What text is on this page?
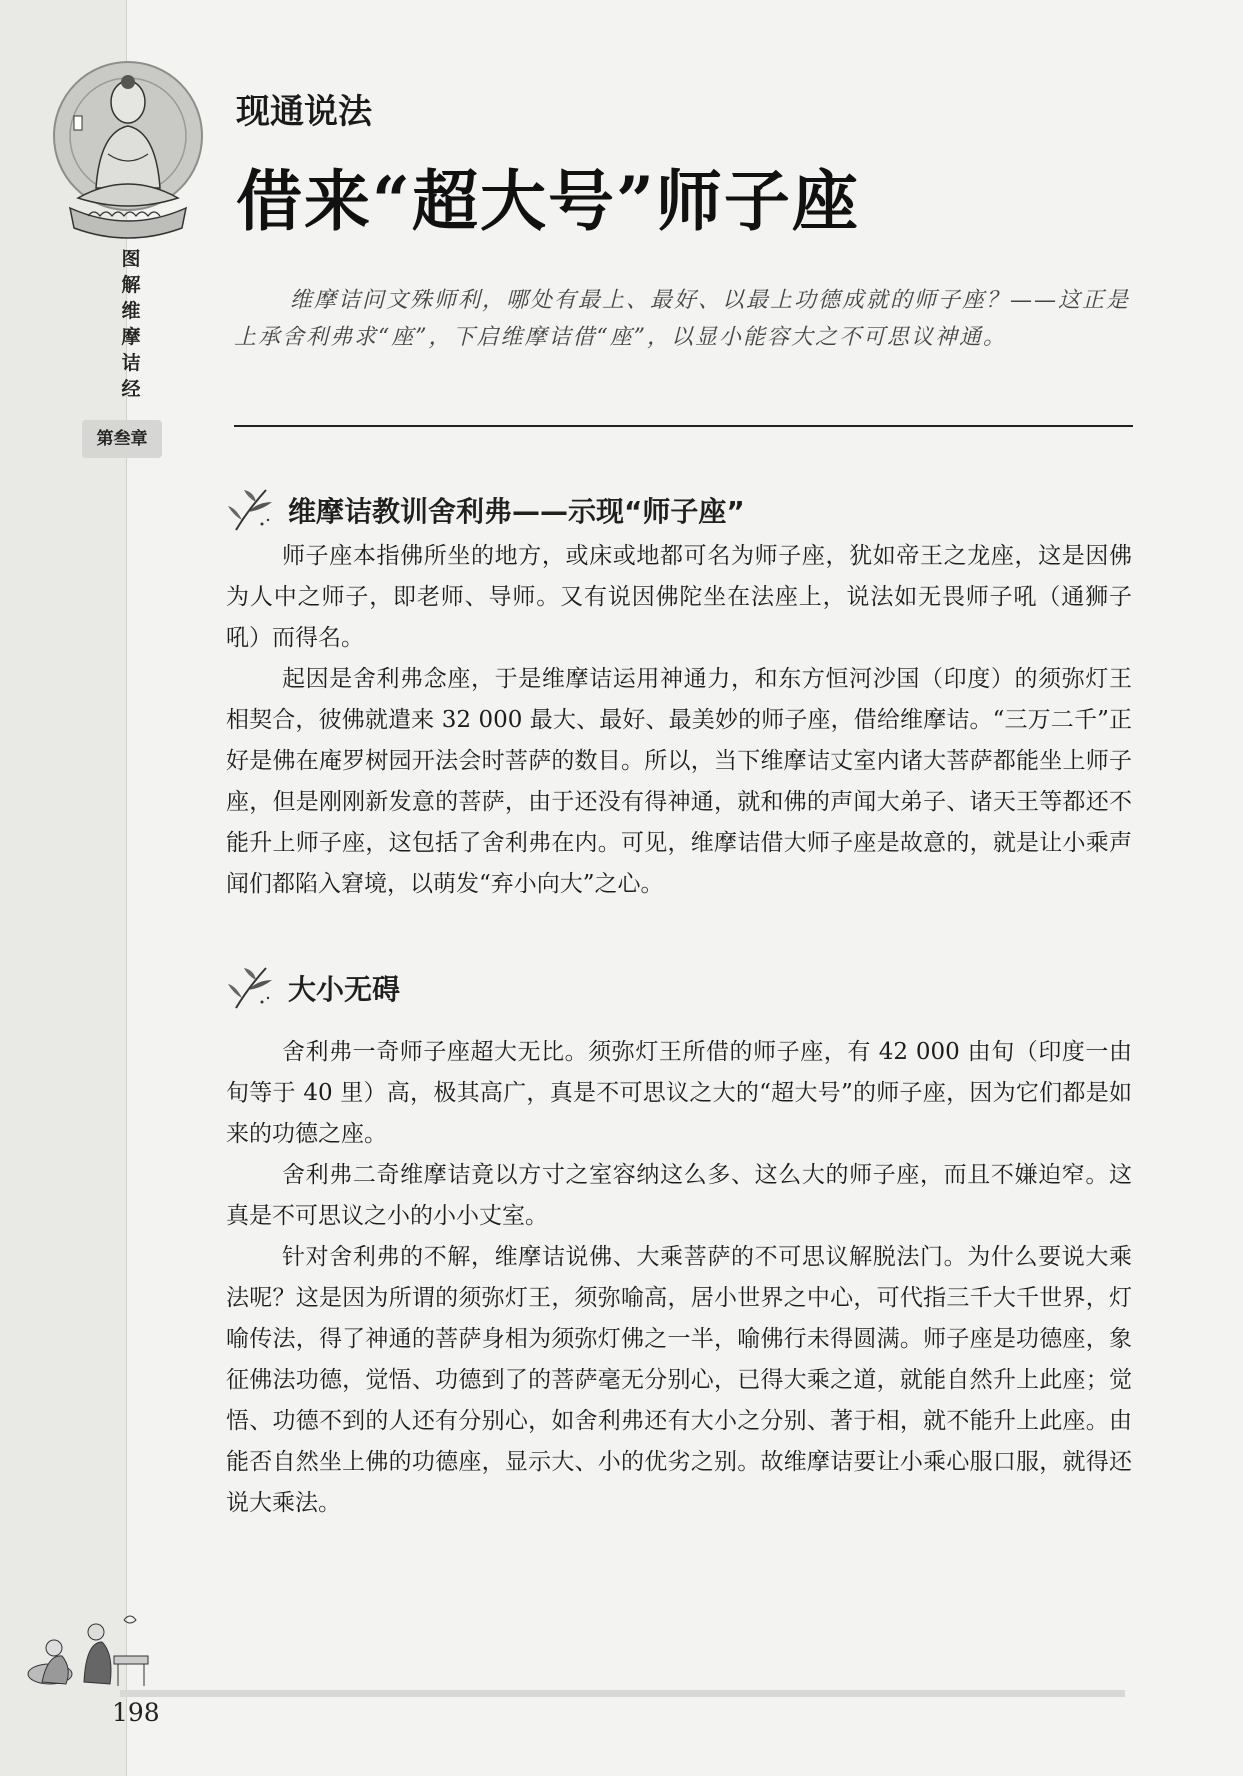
图解维摩诘经
第叁章
现通说法
借来“超大号”师子座
维摩诘问文殊师利，哪处有最上、最好、以最上功德成就的师子座？——这正是上承舍利弗求“座”，下启维摩诘借“座”，以显小能容大之不可思议神通。
维摩诘教训舍利弗——示现“师子座”

师子座本指佛所坐的地方，或床或地都可名为师子座，犹如帝王之龙座，这是因佛为人中之师子，即老师、导师。又有说因佛陀坐在法座上，说法如无畏师子吼（通狮子吼）而得名。

起因是舍利弗念座，于是维摩诘运用神通力，和东方恒河沙国（印度）的须弥灯王相契合，彼佛就遣来 32 000 最大、最好、最美妙的师子座，借给维摩诘。“三万二千”正好是佛在庵罗树园开法会时菩萨的数目。所以，当下维摩诘丈室内诸大菩萨都能坐上师子座，但是刚刚新发意的菩萨，由于还没有得神通，就和佛的声闻大弟子、诸天王等都还不能升上师子座，这包括了舍利弗在内。可见，维摩诘借大师子座是故意的，就是让小乘声闻们都陷入窘境，以萌发“弃小向大”之心。

大小无碍

舍利弗一奇师子座超大无比。须弥灯王所借的师子座，有 42 000 由旬（印度一由旬等于 40 里）高，极其高广，真是不可思议之大的“超大号”的师子座，因为它们都是如来的功德之座。

舍利弗二奇维摩诘竟以方寸之室容纳这么多、这么大的师子座，而且不嫌迫窄。这真是不可思议之小的小小丈室。

针对舍利弗的不解，维摩诘说佛、大乘菩萨的不可思议解脱法门。为什么要说大乘法呢？这是因为所谓的须弥灯王，须弥喻高，居小世界之中心，可代指三千大千世界，灯喻传法，得了神通的菩萨身相为须弥灯佛之一半，喻佛行未得圆满。师子座是功德座，象征佛法功德，觉悟、功德到了的菩萨毫无分别心，已得大乘之道，就能自然升上此座；觉悟、功德不到的人还有分别心，如舍利弗还有大小之分别、著于相，就不能升上此座。由能否自然坐上佛的功德座，显示大、小的优劣之别。故维摩诘要让小乘心服口服，就得还说大乘法。

198
